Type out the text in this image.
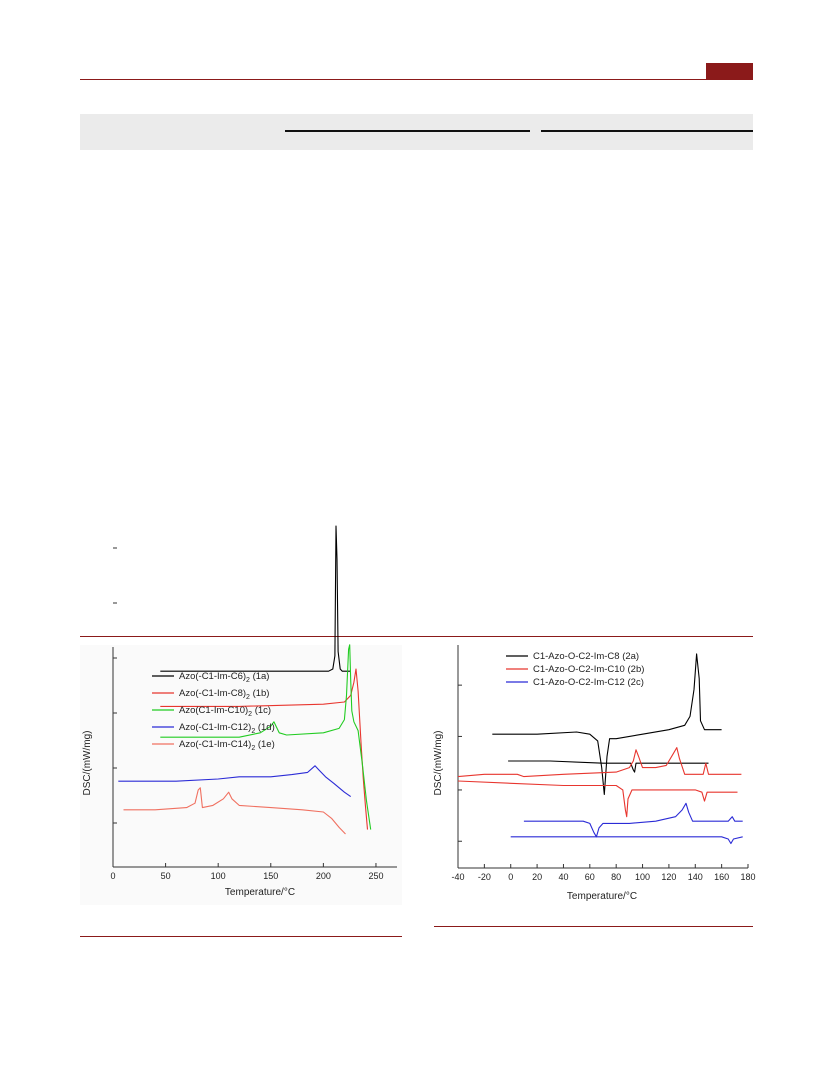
0	50	100	150	200	250
$Azo(-C1-Im-C6)_2$ (1a)
$Azo(-C1-Im-C8)_2$ (1b)
$Azo(C1-Im-C10)_2$ (1c)
$Azo(-C1-Im-C12)_2$ (1d)
$Azo(-C1-Im-C14)_2$ (1e)
DSC/(mW/mg)
Temperature/°C
-40 -20 0 20 40 60 80 100 120 140 160 180
C1-Azo-O-C2-Im-C8 (2a)
C1-Azo-O-C2-Im-C10 (2b)
C1-Azo-O-C2-Im-C12 (2c)
DSC/(mW/mg)
Temperature/°C
